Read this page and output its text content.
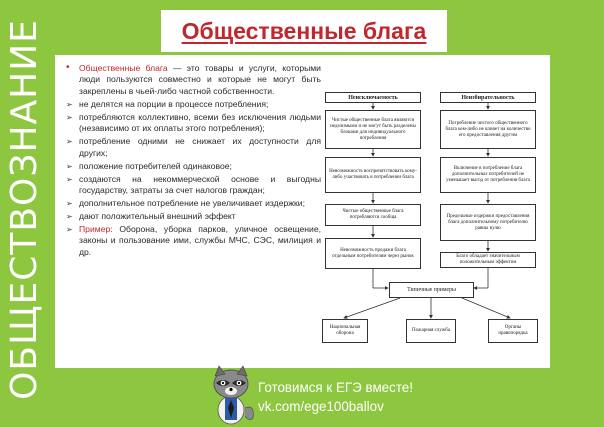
ОБЩЕСТВОЗНАНИЕ	Общественные блага
• Общественные блага — это товары и услуги, которыми люди пользуются совместно и которые не могут быть закреплены в чьей-либо частной собственности.
➢ не делятся на порции в процессе потребления;
➢ потребляются коллективно, всеми без исключения людьми (независимо от их оплаты этого потребления);
➢ потребление одними не снижает их доступности для других;
➢ положение потребителей одинаковое;
➢ создаются на некоммерческой основе и выгодны государству, затраты за счет налогов граждан;
➢ дополнительное потребление не увеличивает издержки;
➢ дают положительный внешний эффект
➢ Пример: Оборона, уборка парков, уличное освещение, законы и пользование ими, службы МЧС, СЭС, милиция и др.
Неисключаемость	Неизбирательность
Чистые общественные блага являются неделимыми и не могут быть разделены блоками для индивидуального потребления
Невозможность воспрепятствовать кому-либо участвовать в потреблении блага
Чистые общественные блага потребляются сообща
Невозможность продажи блага отдельным потребителям через рынок
Потребление чистого общественного блага кем-либо не влияет на количество его предоставления другим
Включение в потребление блага дополнительных потребителей не уменьшает выгод от потребления блага
Предельные издержки предоставления блага дополнительному потребителю равны нулю
Благо обладает значительным положительным эффектом
Типичные примеры
Национальная оборона
Пожарная служба
Органы правопорядка
Готовимся к ЕГЭ вместе!
vk.com/ege100ballov
